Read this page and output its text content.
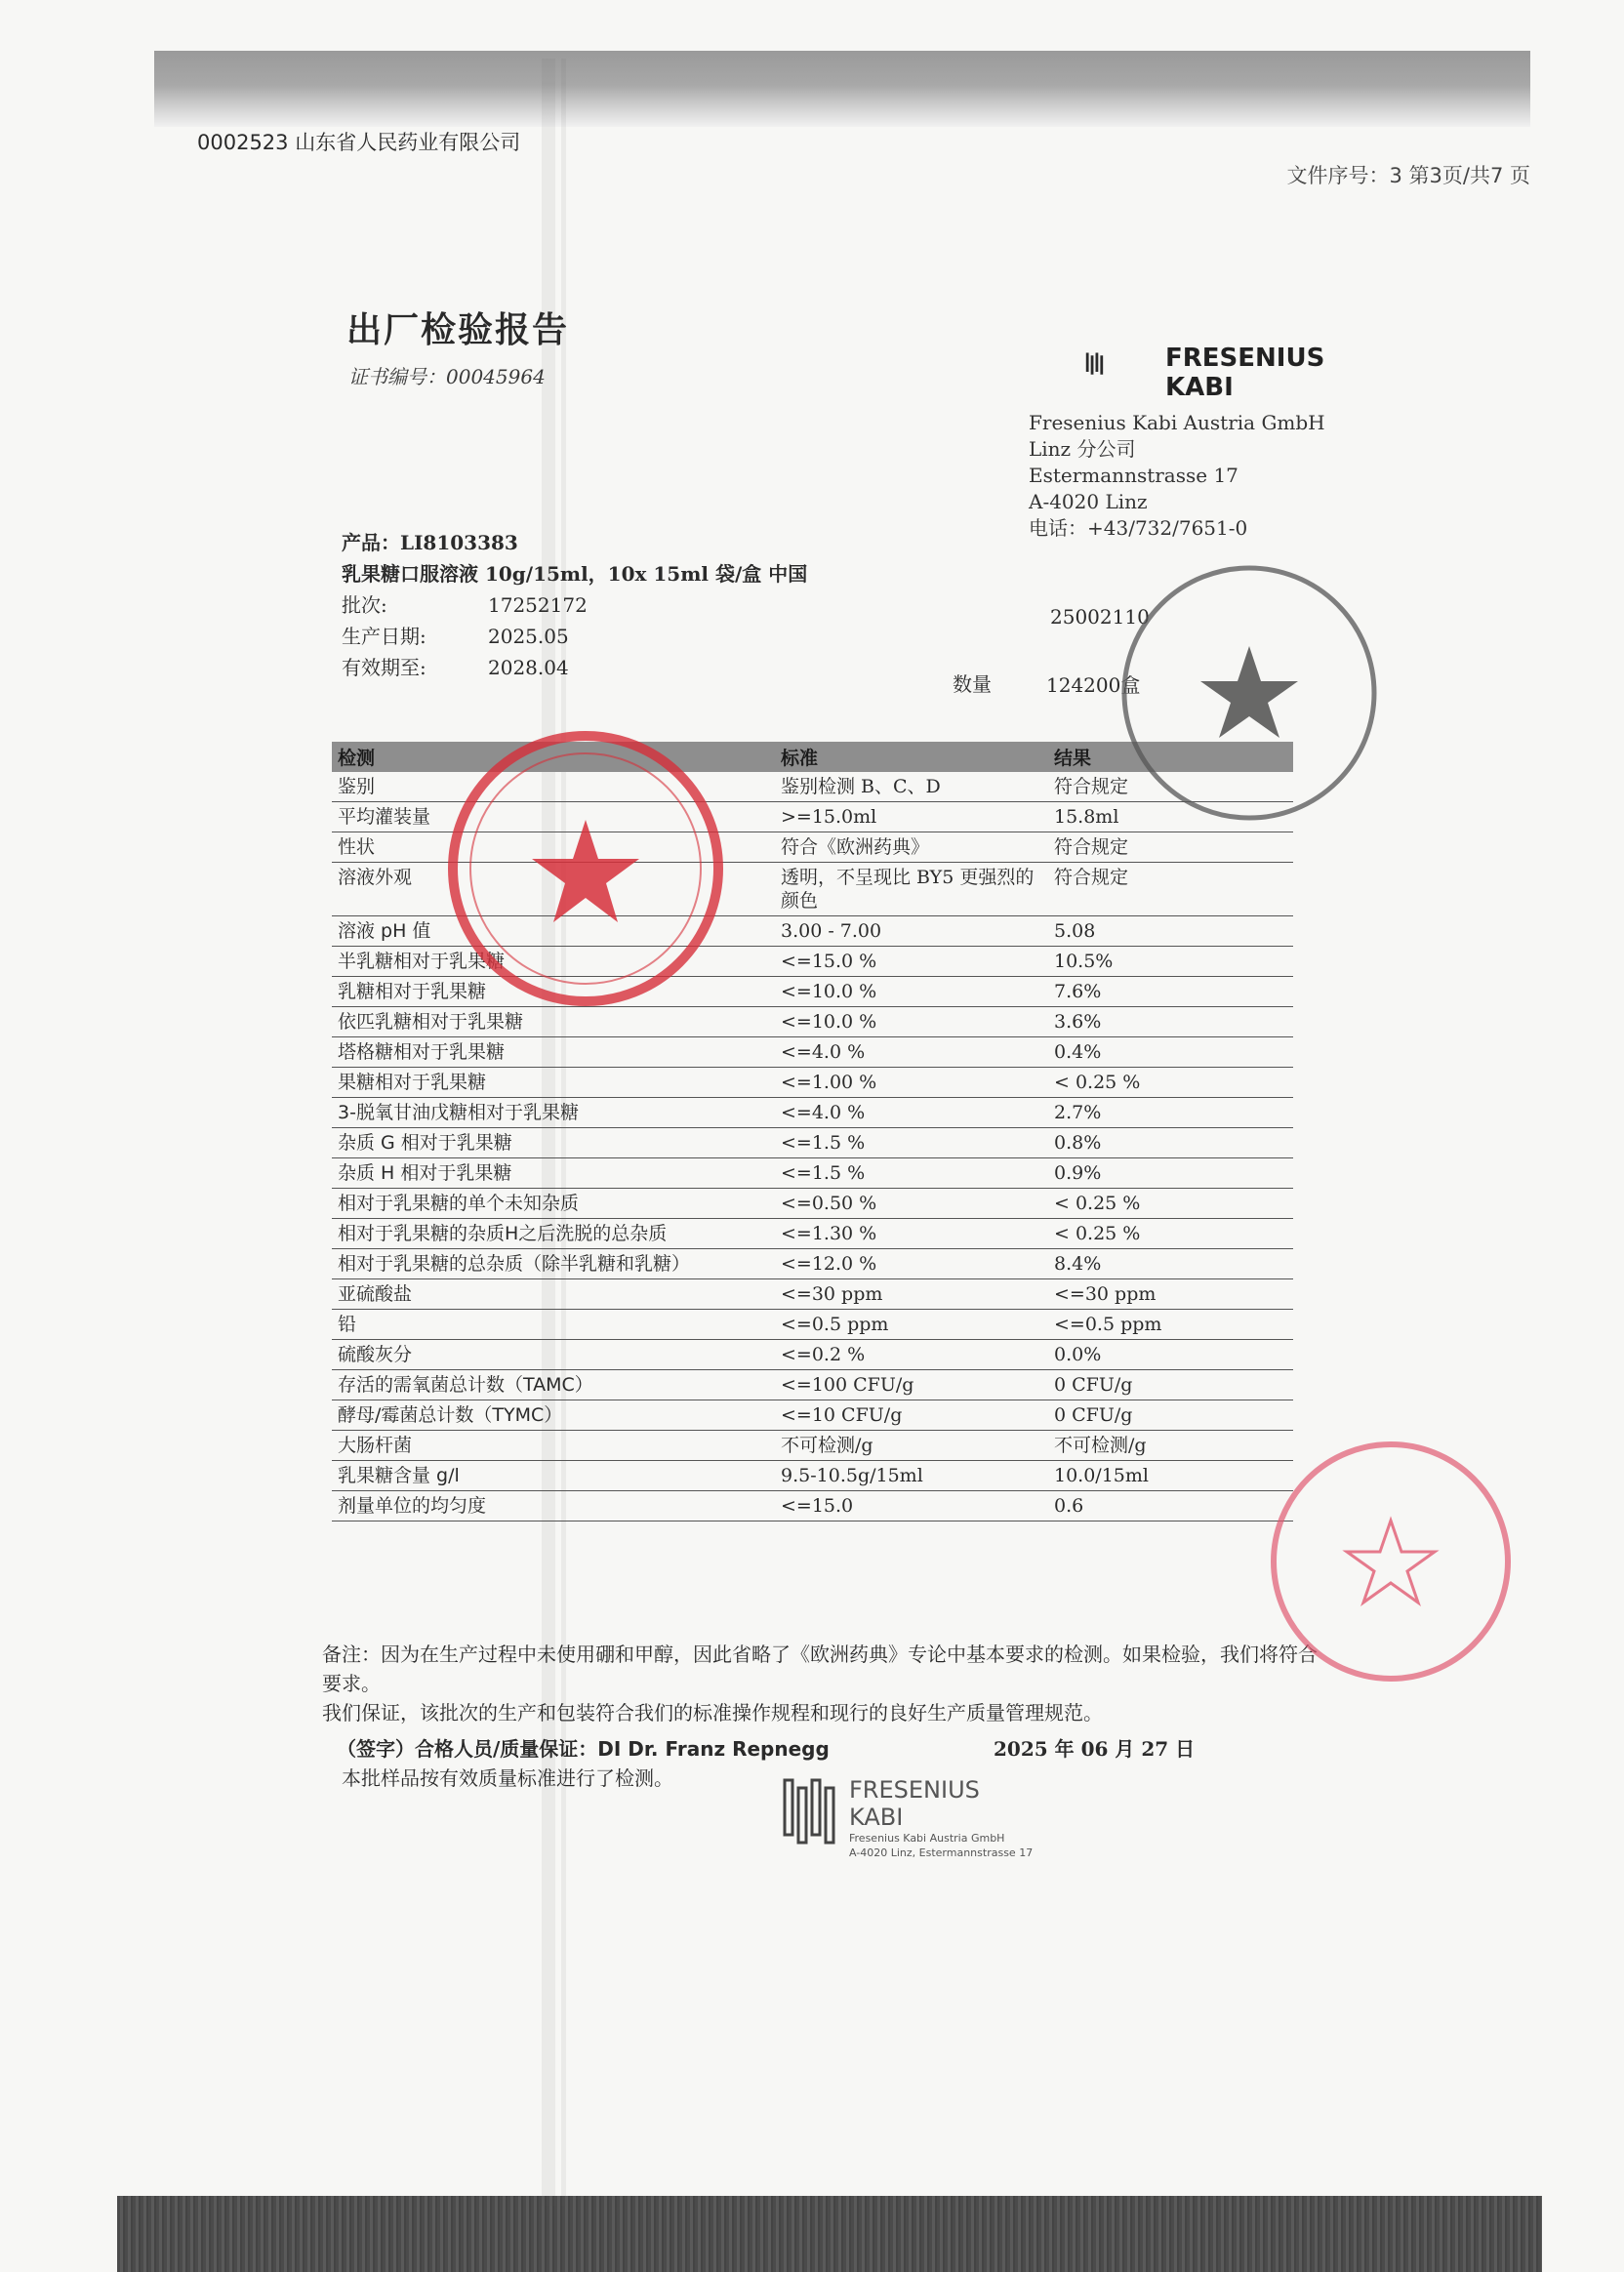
0002523 山东省人民药业有限公司
文件序号：3 第3页/共7 页
出厂检验报告
证书编号：00045964
FRESENIUS
KABI
Fresenius Kabi Austria GmbH
Linz 分公司
Estermannstrasse 17
A-4020 Linz
电话：+43/732/7651-0
产品：LI8103383
乳果糖口服溶液 10g/15ml，10x 15ml 袋/盒 中国
批次:	17252172
生产日期:	2025.05
有效期至:	2028.04
25002110
数量	124200盒
检测	标准	结果
鉴别	鉴别检测 B、C、D	符合规定
平均灌装量	>=15.0ml	15.8ml
性状	符合《欧洲药典》	符合规定
溶液外观	透明，不呈现比 BY5 更强烈的颜色	符合规定
溶液 pH 值	3.00 - 7.00	5.08
半乳糖相对于乳果糖	<=15.0 %	10.5%
乳糖相对于乳果糖	<=10.0 %	7.6%
依匹乳糖相对于乳果糖	<=10.0 %	3.6%
塔格糖相对于乳果糖	<=4.0 %	0.4%
果糖相对于乳果糖	<=1.00 %	< 0.25 %
3-脱氧甘油戊糖相对于乳果糖	<=4.0 %	2.7%
杂质 G 相对于乳果糖	<=1.5 %	0.8%
杂质 H 相对于乳果糖	<=1.5 %	0.9%
相对于乳果糖的单个未知杂质	<=0.50 %	< 0.25 %
相对于乳果糖的杂质H之后洗脱的总杂质	<=1.30 %	< 0.25 %
相对于乳果糖的总杂质（除半乳糖和乳糖）	<=12.0 %	8.4%
亚硫酸盐	<=30 ppm	<=30 ppm
铅	<=0.5 ppm	<=0.5 ppm
硫酸灰分	<=0.2 %	0.0%
存活的需氧菌总计数（TAMC）	<=100 CFU/g	0 CFU/g
酵母/霉菌总计数（TYMC）	<=10 CFU/g	0 CFU/g
大肠杆菌	不可检测/g	不可检测/g
乳果糖含量 g/l	9.5-10.5g/15ml	10.0/15ml
剂量单位的均匀度	<=15.0	0.6
备注：因为在生产过程中未使用硼和甲醇，因此省略了《欧洲药典》专论中基本要求的检测。如果检验，我们将符合要求。
我们保证，该批次的生产和包装符合我们的标准操作规程和现行的良好生产质量管理规范。
（签字）合格人员/质量保证：DI Dr. Franz Repnegg	2025 年 06 月 27 日
本批样品按有效质量标准进行了检测。	FRESENIUS
KABI
Fresenius Kabi Austria GmbH
A-4020 Linz, Estermannstrasse 17
